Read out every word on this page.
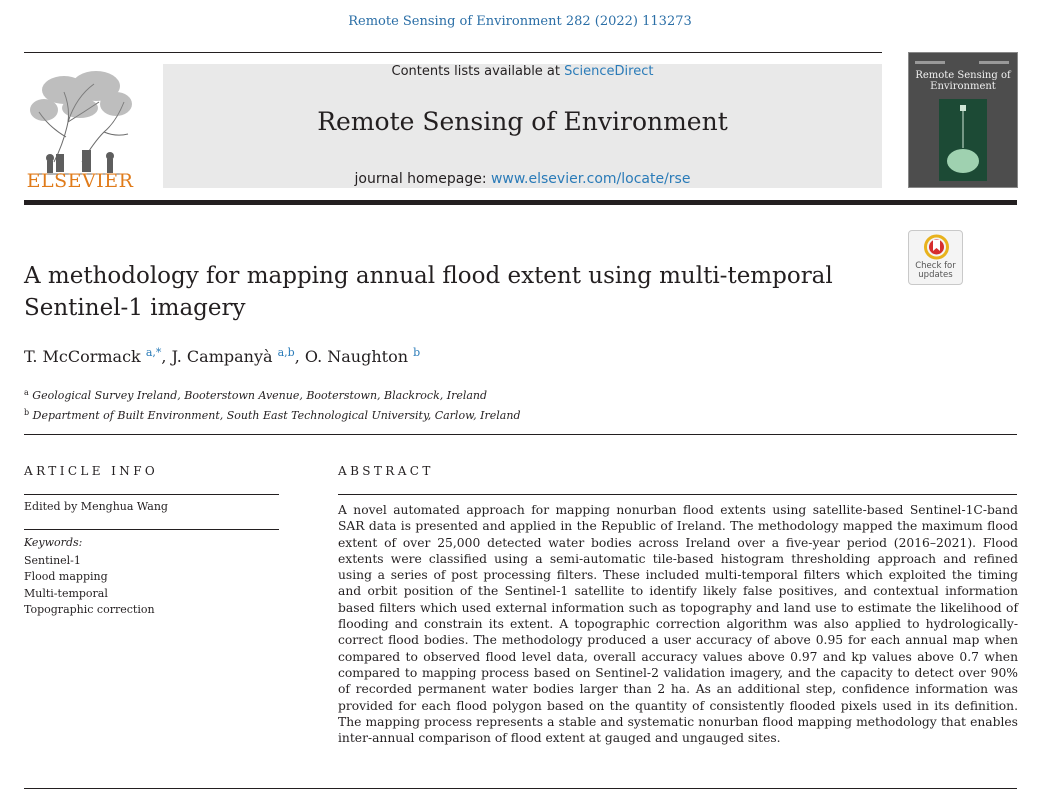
Remote Sensing of Environment 282 (2022) 113273
ELSEVIER
Contents lists available at ScienceDirect
Remote Sensing of Environment
journal homepage: www.elsevier.com/locate/rse
Remote Sensing of Environment
Check for updates
A methodology for mapping annual flood extent using multi-temporal Sentinel-1 imagery
T. McCormack $^{a,*}$, J. Campanyà $^{a,b}$, O. Naughton $^b$
$^a$ Geological Survey Ireland, Booterstown Avenue, Booterstown, Blackrock, Ireland
$^b$ Department of Built Environment, South East Technological University, Carlow, Ireland
ARTICLE INFO
Edited by Menghua Wang
Keywords:
Sentinel-1
Flood mapping
Multi-temporal
Topographic correction
ABSTRACT
A novel automated approach for mapping nonurban flood extents using satellite-based Sentinel-1C-band SAR data is presented and applied in the Republic of Ireland. The methodology mapped the maximum flood extent of over 25,000 detected water bodies across Ireland over a five-year period (2016–2021). Flood extents were classified using a semi-automatic tile-based histogram thresholding approach and refined using a series of post processing filters. These included multi-temporal filters which exploited the timing and orbit position of the Sentinel-1 satellite to identify likely false positives, and contextual information based filters which used external information such as topography and land use to estimate the likelihood of flooding and constrain its extent. A topographic correction algorithm was also applied to hydrologically-correct flood bodies. The methodology produced a user accuracy of above 0.95 for each annual map when compared to observed flood level data, overall accuracy values above 0.97 and kp values above 0.7 when compared to mapping process based on Sentinel-2 validation imagery, and the capacity to detect over 90% of recorded permanent water bodies larger than 2 ha. As an additional step, confidence information was provided for each flood polygon based on the quantity of consistently flooded pixels used in its definition. The mapping process represents a stable and systematic nonurban flood mapping methodology that enables inter-annual comparison of flood extent at gauged and ungauged sites.
